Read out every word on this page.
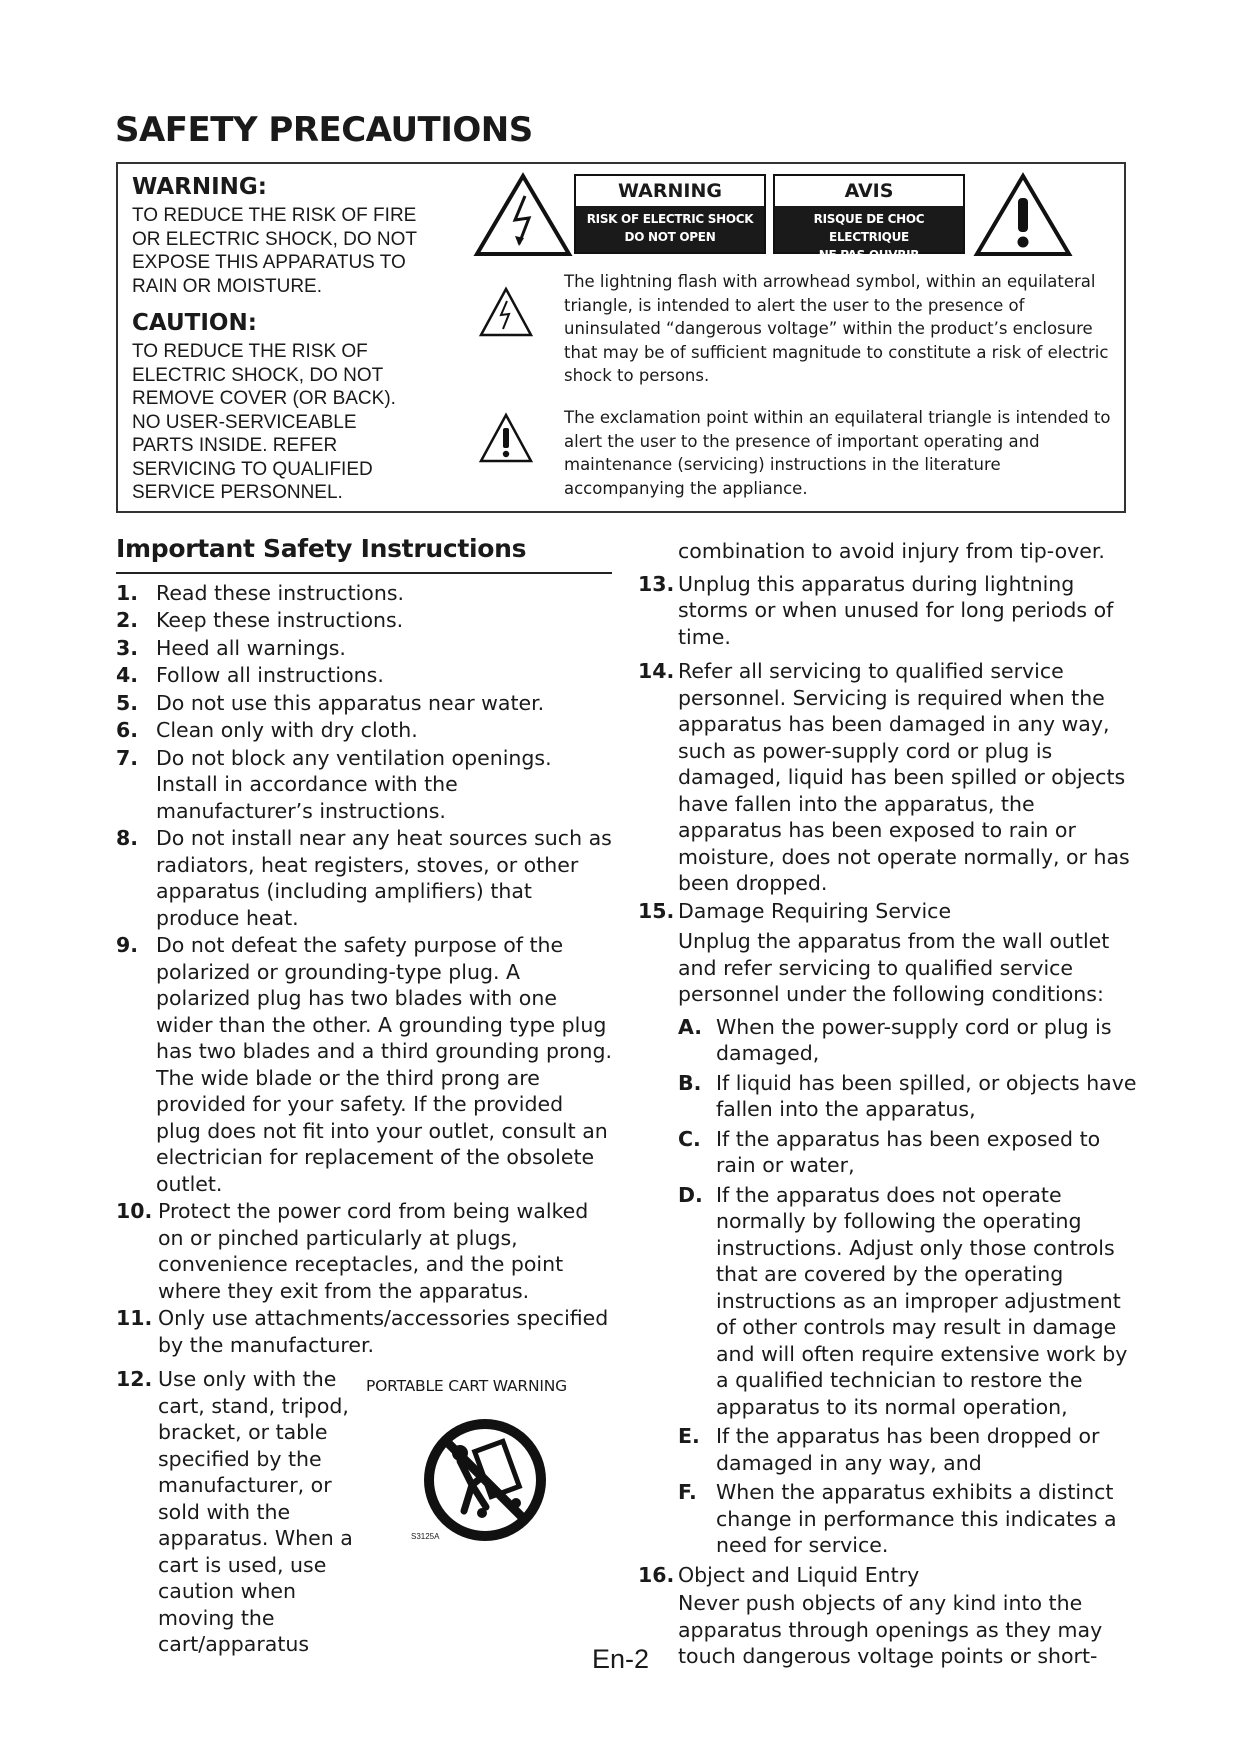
SAFETY PRECAUTIONS

WARNING:

TO REDUCE THE RISK OF FIRE
OR ELECTRIC SHOCK, DO NOT
EXPOSE THIS APPARATUS TO
RAIN OR MOISTURE.

CAUTION:

TO REDUCE THE RISK OF
ELECTRIC SHOCK, DO NOT
REMOVE COVER (OR BACK).
NO USER-SERVICEABLE
PARTS INSIDE. REFER
SERVICING TO QUALIFIED
SERVICE PERSONNEL.

WARNING
RISK OF ELECTRIC SHOCK
DO NOT OPEN
AVIS
RISQUE DE CHOC ELECTRIQUE
NE PAS OUVRIR

The lightning flash with arrowhead symbol, within an equilateral triangle, is intended to alert the user to the presence of uninsulated “dangerous voltage” within the product’s enclosure that may be of sufficient magnitude to constitute a risk of electric shock to persons.

The exclamation point within an equilateral triangle is intended to alert the user to the presence of important operating and maintenance (servicing) instructions in the literature accompanying the appliance.

Important Safety Instructions
1. Read these instructions.
2. Keep these instructions.
3. Heed all warnings.
4. Follow all instructions.
5. Do not use this apparatus near water.
6. Clean only with dry cloth.
7. Do not block any ventilation openings. Install in accordance with the manufacturer’s instructions.
8. Do not install near any heat sources such as radiators, heat registers, stoves, or other apparatus (including amplifiers) that produce heat.
9. Do not defeat the safety purpose of the polarized or grounding-type plug. A polarized plug has two blades with one wider than the other. A grounding type plug has two blades and a third grounding prong. The wide blade or the third prong are provided for your safety. If the provided plug does not fit into your outlet, consult an electrician for replacement of the obsolete outlet.
10. Protect the power cord from being walked on or pinched particularly at plugs, convenience receptacles, and the point where they exit from the apparatus.
11. Only use attachments/accessories specified by the manufacturer.
12. Use only with the cart, stand, tripod, bracket, or table specified by the manufacturer, or sold with the apparatus. When a cart is used, use caution when moving the cart/apparatus
PORTABLE CART WARNING
S3125A

combination to avoid injury from tip-over.

13. Unplug this apparatus during lightning storms or when unused for long periods of time.
14. Refer all servicing to qualified service personnel. Servicing is required when the apparatus has been damaged in any way, such as power-supply cord or plug is damaged, liquid has been spilled or objects have fallen into the apparatus, the apparatus has been exposed to rain or moisture, does not operate normally, or has been dropped.
15. Damage Requiring Service

Unplug the apparatus from the wall outlet and refer servicing to qualified service personnel under the following conditions:

A. When the power-supply cord or plug is damaged,
B. If liquid has been spilled, or objects have fallen into the apparatus,
C. If the apparatus has been exposed to rain or water,
D. If the apparatus does not operate normally by following the operating instructions. Adjust only those controls that are covered by the operating instructions as an improper adjustment of other controls may result in damage and will often require extensive work by a qualified technician to restore the apparatus to its normal operation,
E. If the apparatus has been dropped or damaged in any way, and
F. When the apparatus exhibits a distinct change in performance this indicates a need for service.
16. Object and Liquid Entry

Never push objects of any kind into the apparatus through openings as they may touch dangerous voltage points or short-

En-2
